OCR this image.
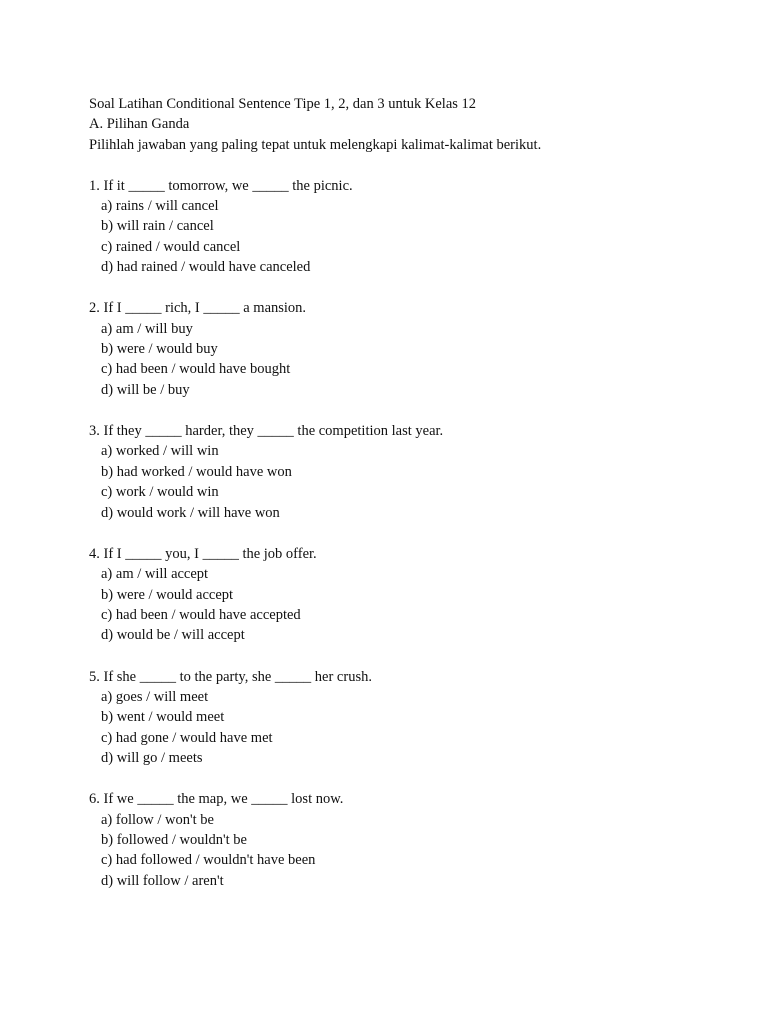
Soal Latihan Conditional Sentence Tipe 1, 2, dan 3 untuk Kelas 12
A. Pilihan Ganda
Pilihlah jawaban yang paling tepat untuk melengkapi kalimat-kalimat berikut.
1. If it _____ tomorrow, we _____ the picnic.
a) rains / will cancel
b) will rain / cancel
c) rained / would cancel
d) had rained / would have canceled
2. If I _____ rich, I _____ a mansion.
a) am / will buy
b) were / would buy
c) had been / would have bought
d) will be / buy
3. If they _____ harder, they _____ the competition last year.
a) worked / will win
b) had worked / would have won
c) work / would win
d) would work / will have won
4. If I _____ you, I _____ the job offer.
a) am / will accept
b) were / would accept
c) had been / would have accepted
d) would be / will accept
5. If she _____ to the party, she _____ her crush.
a) goes / will meet
b) went / would meet
c) had gone / would have met
d) will go / meets
6. If we _____ the map, we _____ lost now.
a) follow / won't be
b) followed / wouldn't be
c) had followed / wouldn't have been
d) will follow / aren't
